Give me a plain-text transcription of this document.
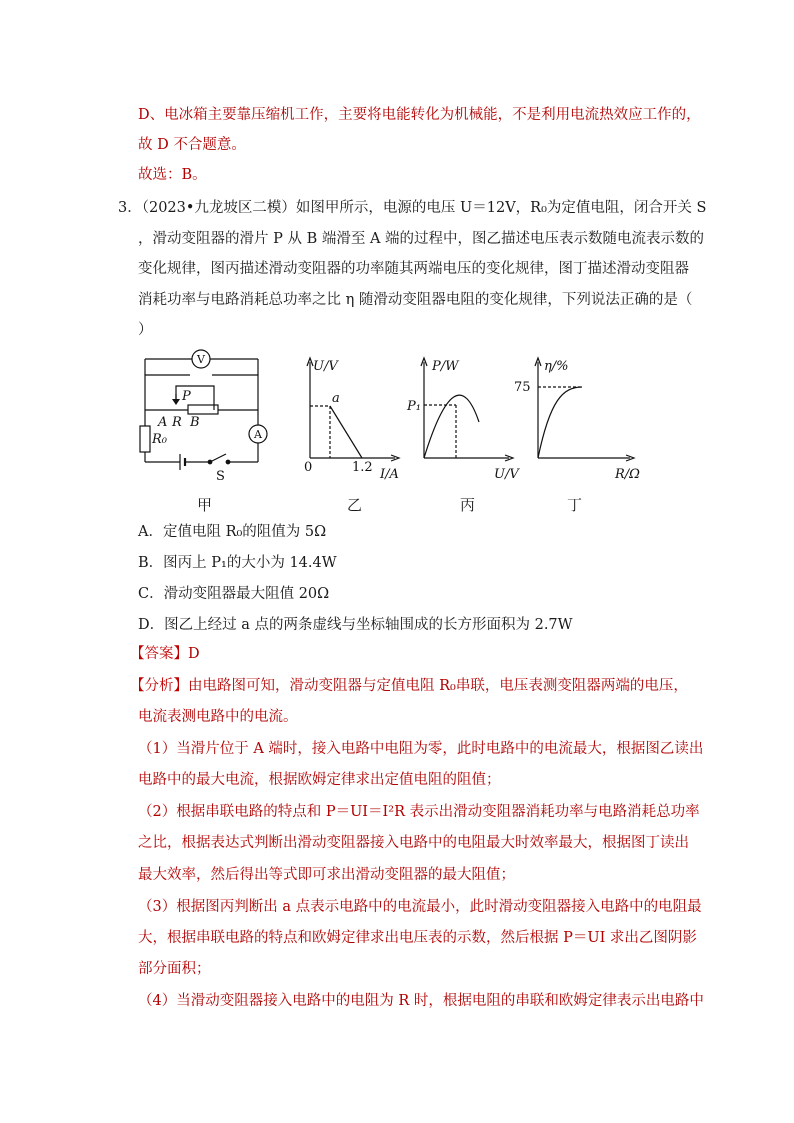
D、电冰箱主要靠压缩机工作，主要将电能转化为机械能，不是利用电流热效应工作的，
故 D 不合题意。
故选：B。
3．（2023•九龙坡区二模）如图甲所示，电源的电压 U＝12V，R₀为定值电阻，闭合开关 S
，滑动变阻器的滑片 P 从 B 端滑至 A 端的过程中，图乙描述电压表示数随电流表示数的
变化规律，图丙描述滑动变阻器的功率随其两端电压的变化规律，图丁描述滑动变阻器
消耗功率与电路消耗总功率之比 η 随滑动变阻器电阻的变化规律，下列说法正确的是（
）
V
P
A R B
R₀
S
A
U/V
I/A
0	1.2
a
P/W
U/V
P₁
η/%
R/Ω
75
甲	乙	丙	丁
A．定值电阻 R₀的阻值为 5Ω
B．图丙上 P₁的大小为 14.4W
C．滑动变阻器最大阻值 20Ω
D．图乙上经过 a 点的两条虚线与坐标轴围成的长方形面积为 2.7W
【答案】D
【分析】由电路图可知，滑动变阻器与定值电阻 R₀串联，电压表测变阻器两端的电压，
电流表测电路中的电流。
（1）当滑片位于 A 端时，接入电路中电阻为零，此时电路中的电流最大，根据图乙读出
电路中的最大电流，根据欧姆定律求出定值电阻的阻值；
（2）根据串联电路的特点和 P＝UI＝I²R 表示出滑动变阻器消耗功率与电路消耗总功率
之比，根据表达式判断出滑动变阻器接入电路中的电阻最大时效率最大，根据图丁读出
最大效率，然后得出等式即可求出滑动变阻器的最大阻值；
（3）根据图丙判断出 a 点表示电路中的电流最小，此时滑动变阻器接入电路中的电阻最
大，根据串联电路的特点和欧姆定律求出电压表的示数，然后根据 P＝UI 求出乙图阴影
部分面积；
（4）当滑动变阻器接入电路中的电阻为 R 时，根据电阻的串联和欧姆定律表示出电路中
